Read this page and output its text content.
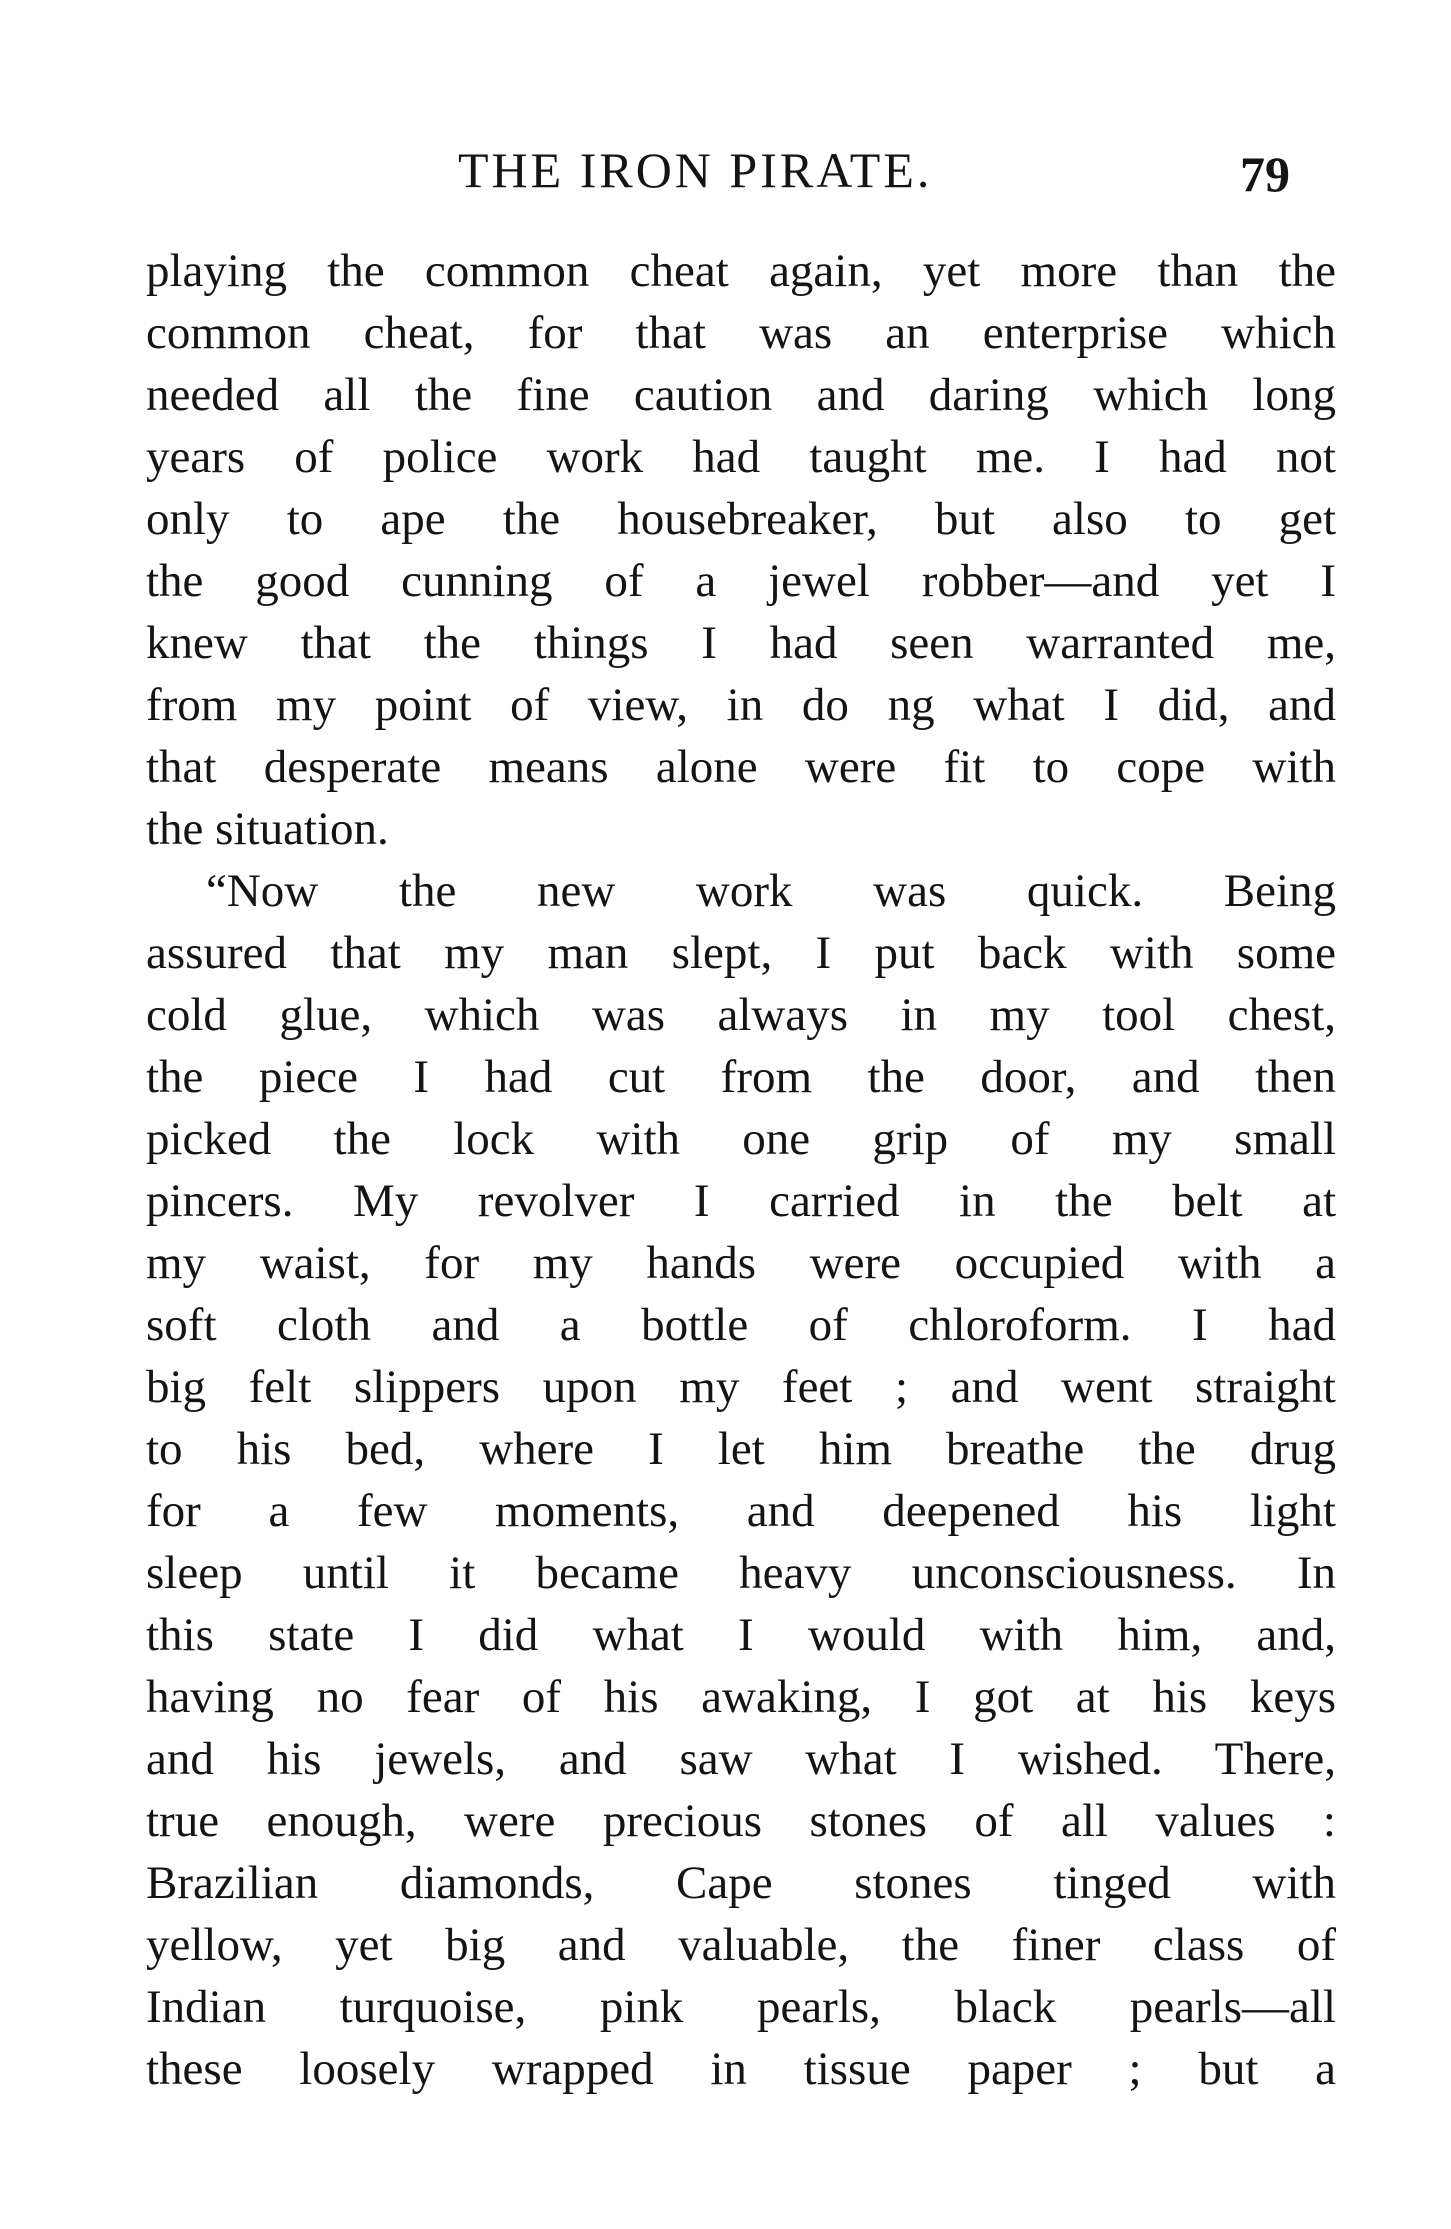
THE IRON PIRATE.	79
playing the common cheat again, yet more than the
common cheat, for that was an enterprise which
needed all the fine caution and daring which long
years of police work had taught me. I had not
only to ape the housebreaker, but also to get
the good cunning of a jewel robber—and yet I
knew that the things I had seen warranted me,
from my point of view, in do ng what I did, and
that desperate means alone were fit to cope with
the situation.
“Now the new work was quick. Being
assured that my man slept, I put back with some
cold glue, which was always in my tool chest,
the piece I had cut from the door, and then
picked the lock with one grip of my small
pincers. My revolver I carried in the belt at
my waist, for my hands were occupied with a
soft cloth and a bottle of chloroform. I had
big felt slippers upon my feet ; and went straight
to his bed, where I let him breathe the drug
for a few moments, and deepened his light
sleep until it became heavy unconsciousness. In
this state I did what I would with him, and,
having no fear of his awaking, I got at his keys
and his jewels, and saw what I wished. There,
true enough, were precious stones of all values :
Brazilian diamonds, Cape stones tinged with
yellow, yet big and valuable, the finer class of
Indian turquoise, pink pearls, black pearls—all
these loosely wrapped in tissue paper ; but a
